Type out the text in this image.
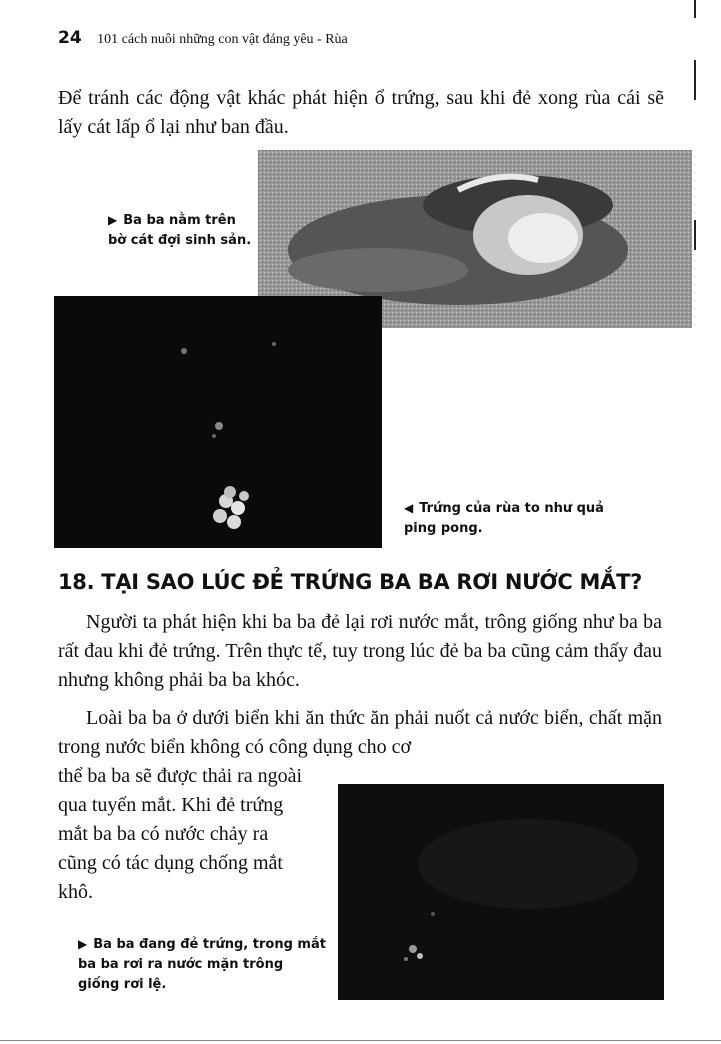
24 101 cách nuôi những con vật đáng yêu - Rùa
Để tránh các động vật khác phát hiện ổ trứng, sau khi đẻ xong rùa cái sẽ lấy cát lấp ổ lại như ban đầu.
▶ Ba ba nằm trên bờ cát đợi sinh sản.
◀ Trứng của rùa to như quả ping pong.
18. TẠI SAO LÚC ĐẺ TRỨNG BA BA RƠI NƯỚC MẮT?
Người ta phát hiện khi ba ba đẻ lại rơi nước mắt, trông giống như ba ba rất đau khi đẻ trứng. Trên thực tế, tuy trong lúc đẻ ba ba cũng cảm thấy đau nhưng không phải ba ba khóc.
Loài ba ba ở dưới biển khi ăn thức ăn phải nuốt cả nước biển, chất mặn trong nước biển không có công dụng cho cơ
thể ba ba sẽ được thải ra ngoài qua tuyến mắt. Khi đẻ trứng mắt ba ba có nước chảy ra cũng có tác dụng chống mắt khô.
▶ Ba ba đang đẻ trứng, trong mắt ba ba rơi ra nước mặn trông giống rơi lệ.
